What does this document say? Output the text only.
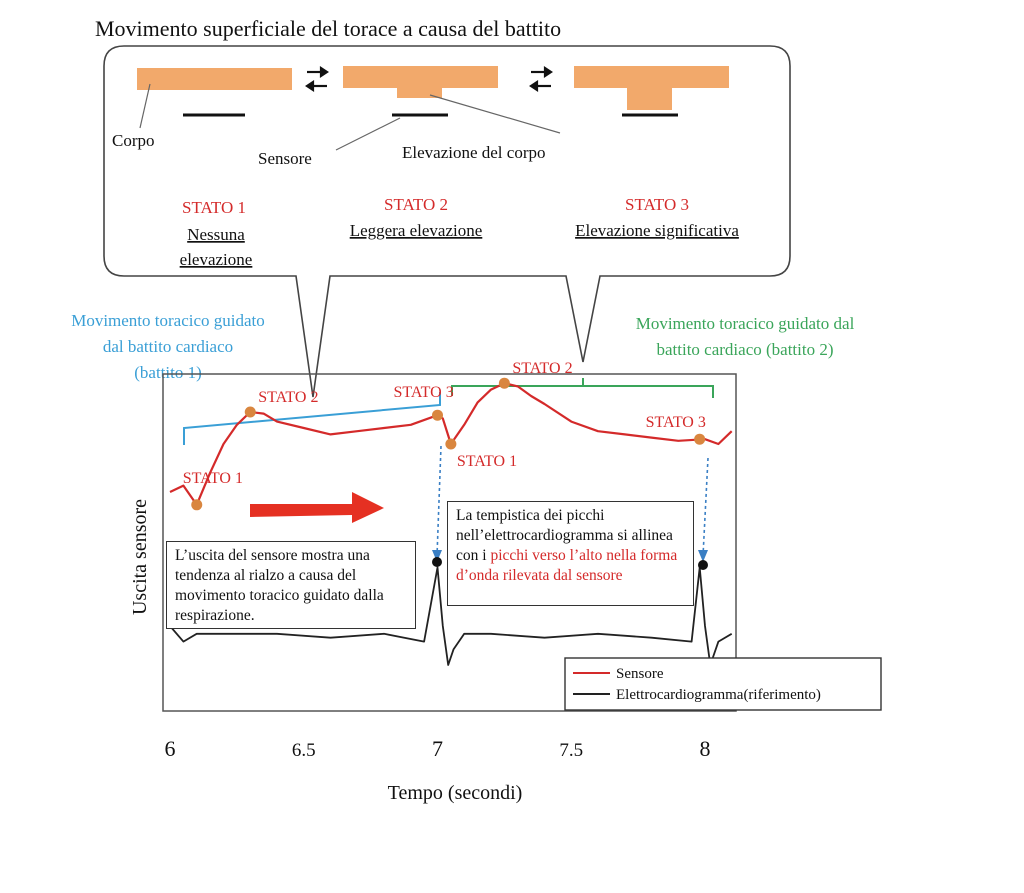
Movimento superficiale del torace a causa del battito
Corpo
Sensore	Elevazione del corpo
STATO 1
Nessuna
elevazione
STATO 2
Leggera elevazione
STATO 3
Elevazione significativa
Movimento toracico guidato
dal battito cardiaco
(battito 1)
Movimento toracico guidato dal
battito cardiaco (battito 2)
STATO 1
STATO 2	STATO 3
STATO 1
STATO 2
STATO 3
6	6.5	7	7.5	8
Tempo (secondi)
Uscita sensore
Sensore
Elettrocardiogramma(riferimento)
L’uscita del sensore mostra una tendenza al rialzo a causa del movimento toracico guidato dalla respirazione.
La tempistica dei picchi nell’elettrocardiogramma si allinea con i picchi verso l’alto nella forma d’onda rilevata dal sensore
